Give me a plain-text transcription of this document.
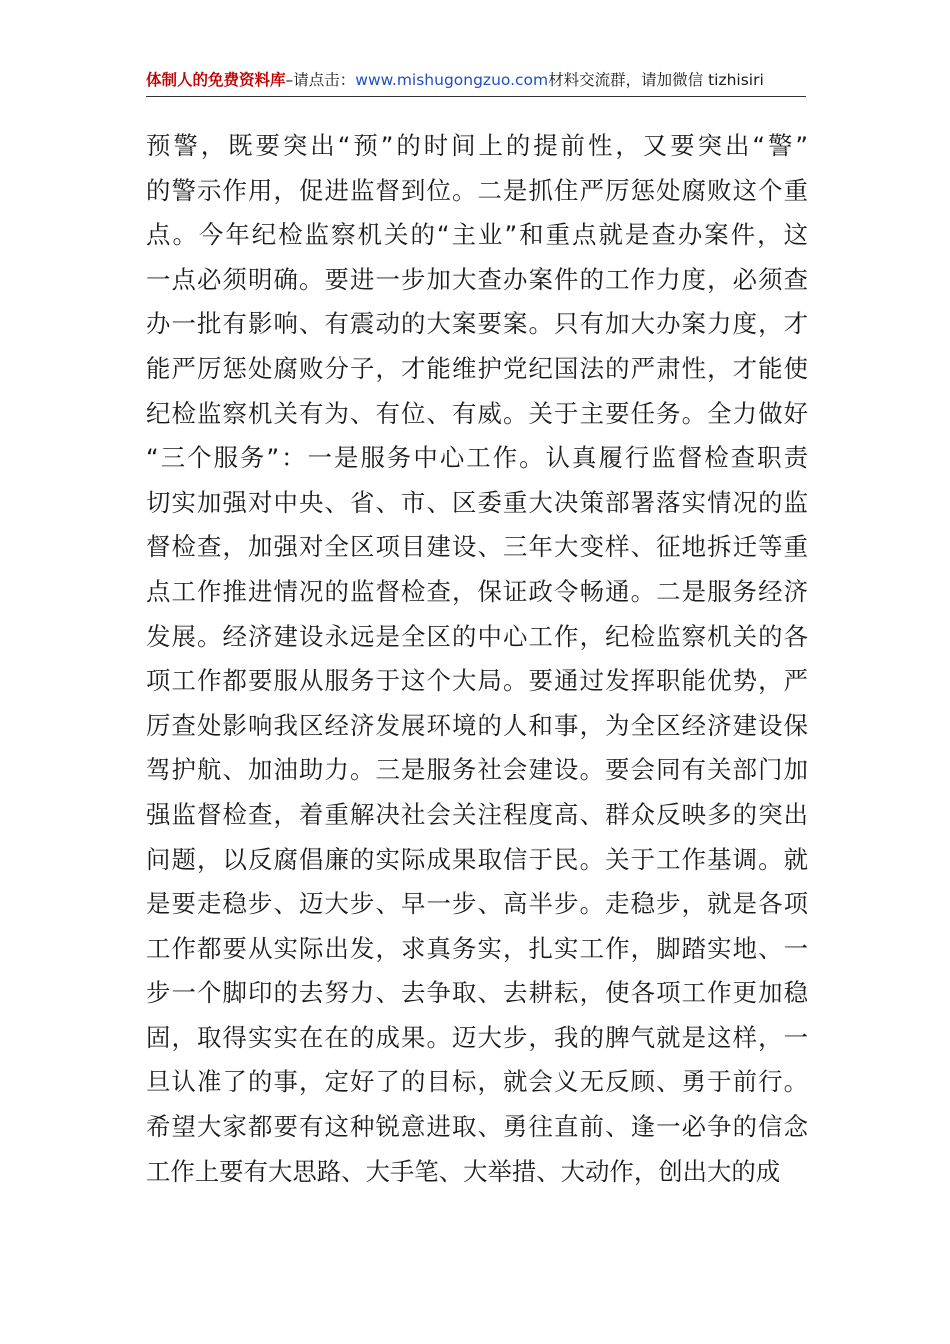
体制人的免费资料库–请点击：www.mishugongzuo.com材料交流群，请加微信 tizhisiri
预警，既要突出“预”的时间上的提前性，又要突出“警”
的警示作用，促进监督到位。二是抓住严厉惩处腐败这个重
点。今年纪检监察机关的“主业”和重点就是查办案件，这
一点必须明确。要进一步加大查办案件的工作力度，必须查
办一批有影响、有震动的大案要案。只有加大办案力度，才
能严厉惩处腐败分子，才能维护党纪国法的严肃性，才能使
纪检监察机关有为、有位、有威。关于主要任务。全力做好
“三个服务”：一是服务中心工作。认真履行监督检查职责
切实加强对中央、省、市、区委重大决策部署落实情况的监
督检查，加强对全区项目建设、三年大变样、征地拆迁等重
点工作推进情况的监督检查，保证政令畅通。二是服务经济
发展。经济建设永远是全区的中心工作，纪检监察机关的各
项工作都要服从服务于这个大局。要通过发挥职能优势，严
厉查处影响我区经济发展环境的人和事，为全区经济建设保
驾护航、加油助力。三是服务社会建设。要会同有关部门加
强监督检查，着重解决社会关注程度高、群众反映多的突出
问题，以反腐倡廉的实际成果取信于民。关于工作基调。就
是要走稳步、迈大步、早一步、高半步。走稳步，就是各项
工作都要从实际出发，求真务实，扎实工作，脚踏实地、一
步一个脚印的去努力、去争取、去耕耘，使各项工作更加稳
固，取得实实在在的成果。迈大步，我的脾气就是这样，一
旦认准了的事，定好了的目标，就会义无反顾、勇于前行。
希望大家都要有这种锐意进取、勇往直前、逢一必争的信念
工作上要有大思路、大手笔、大举措、大动作，创出大的成
